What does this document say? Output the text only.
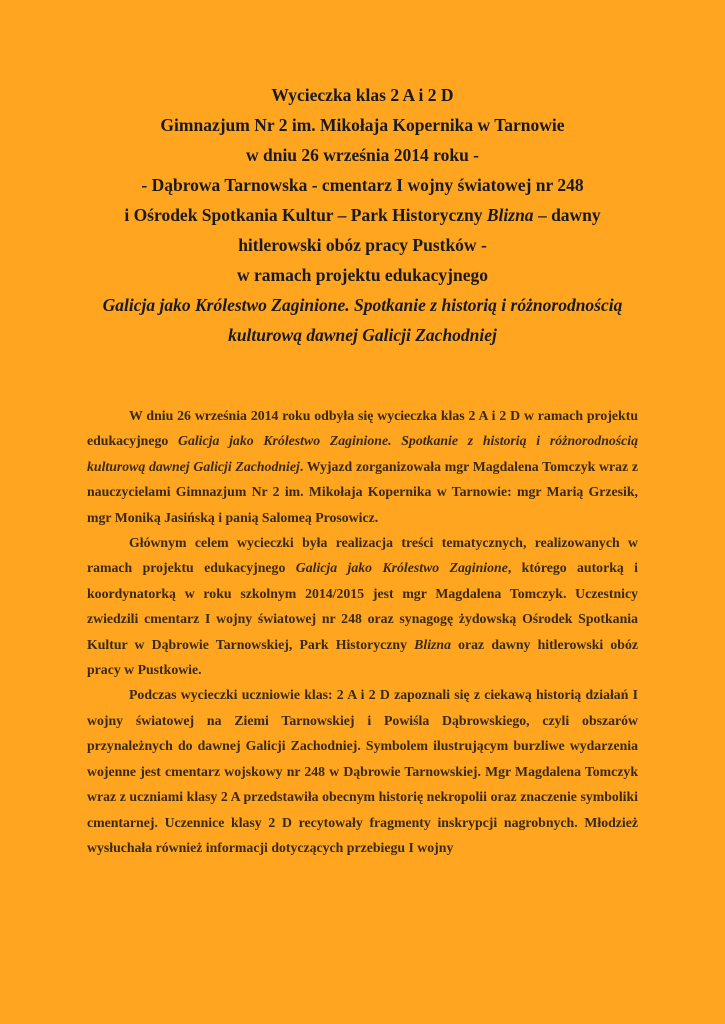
Wycieczka klas 2 A i 2 D
Gimnazjum Nr 2 im. Mikołaja Kopernika w Tarnowie
w dniu 26 września 2014 roku -
- Dąbrowa Tarnowska - cmentarz I wojny światowej nr 248
i Ośrodek Spotkania Kultur – Park Historyczny Blizna – dawny
hitlerowski obóz pracy Pustków -
w ramach projektu edukacyjnego
Galicja jako Królestwo Zaginione. Spotkanie z historią i różnorodnością
kulturową dawnej Galicji Zachodniej

W dniu 26 września 2014 roku odbyła się wycieczka klas 2 A i 2 D w ramach projektu edukacyjnego Galicja jako Królestwo Zaginione. Spotkanie z historią i różnorodnością kulturową dawnej Galicji Zachodniej. Wyjazd zorganizowała mgr Magdalena Tomczyk wraz z nauczycielami Gimnazjum Nr 2 im. Mikołaja Kopernika w Tarnowie: mgr Marią Grzesik, mgr Moniką Jasińską i panią Salomeą Prosowicz.

Głównym celem wycieczki była realizacja treści tematycznych, realizowanych w ramach projektu edukacyjnego Galicja jako Królestwo Zaginione, którego autorką i koordynatorką w roku szkolnym 2014/2015 jest mgr Magdalena Tomczyk. Uczestnicy zwiedzili cmentarz I wojny światowej nr 248 oraz synagogę żydowską Ośrodek Spotkania Kultur w Dąbrowie Tarnowskiej, Park Historyczny Blizna oraz dawny hitlerowski obóz pracy w Pustkowie.

Podczas wycieczki uczniowie klas: 2 A i 2 D zapoznali się z ciekawą historią działań I wojny światowej na Ziemi Tarnowskiej i Powiśla Dąbrowskiego, czyli obszarów przynależnych do dawnej Galicji Zachodniej. Symbolem ilustrującym burzliwe wydarzenia wojenne jest cmentarz wojskowy nr 248 w Dąbrowie Tarnowskiej. Mgr Magdalena Tomczyk wraz z uczniami klasy 2 A przedstawiła obecnym historię nekropolii oraz znaczenie symboliki cmentarnej. Uczennice klasy 2 D recytowały fragmenty inskrypcji nagrobnych. Młodzież wysłuchała również informacji dotyczących przebiegu I wojny
